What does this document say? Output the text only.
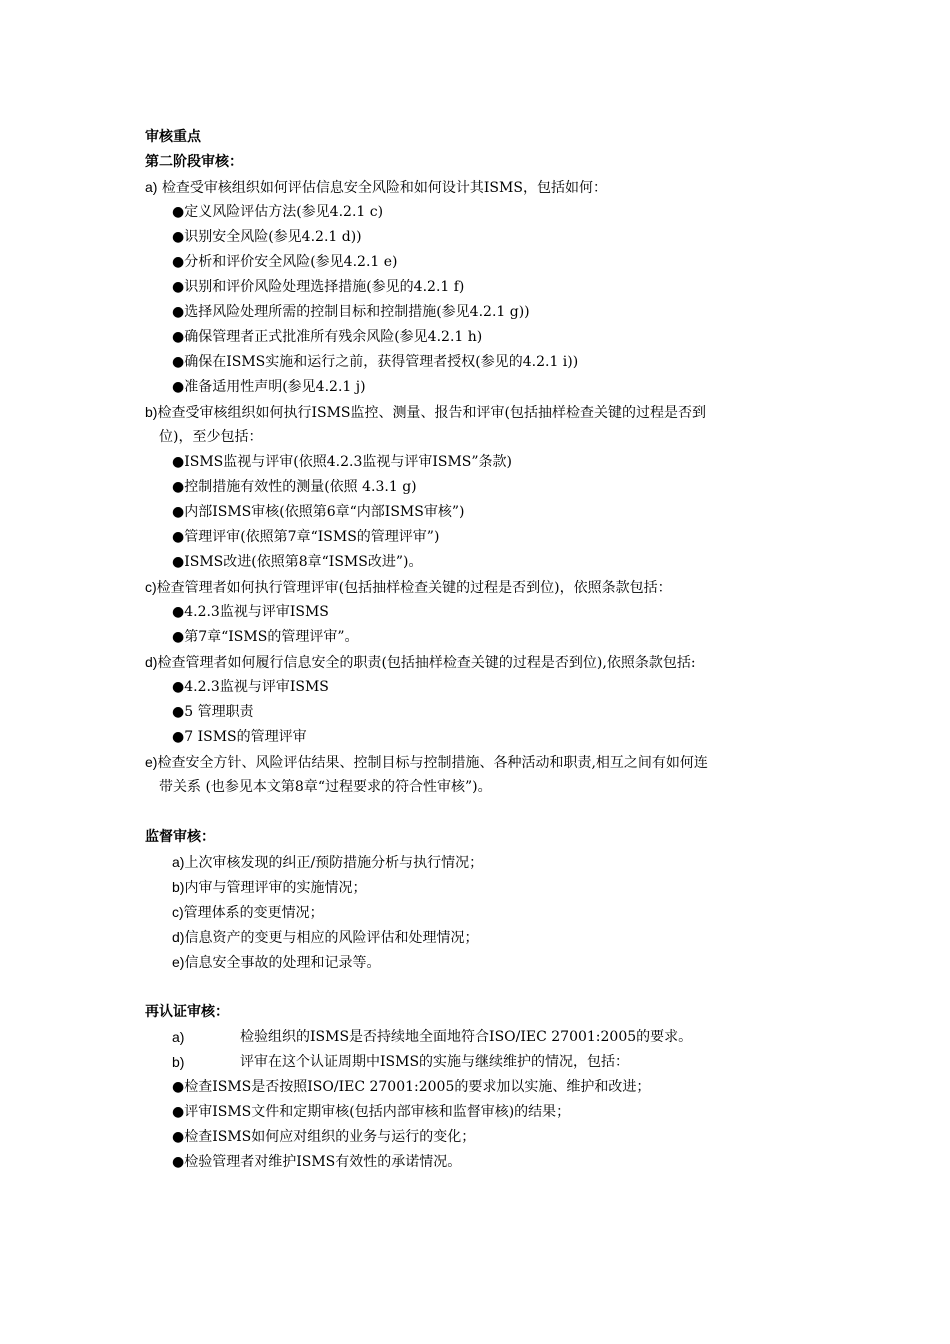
审核重点
第二阶段审核：
a) 检查受审核组织如何评估信息安全风险和如何设计其ISMS，包括如何：
●定义风险评估方法(参见4.2.1 c)
●识别安全风险(参见4.2.1 d))
●分析和评价安全风险(参见4.2.1 e)
●识别和评价风险处理选择措施(参见的4.2.1 f)
●选择风险处理所需的控制目标和控制措施(参见4.2.1 g))
●确保管理者正式批准所有残余风险(参见4.2.1 h)
●确保在ISMS实施和运行之前，获得管理者授权(参见的4.2.1 i))
●准备适用性声明(参见4.2.1 j)
b)检查受审核组织如何执行ISMS监控、测量、报告和评审(包括抽样检查关键的过程是否到
位)，至少包括：
●ISMS监视与评审(依照4.2.3监视与评审ISMS”条款)
●控制措施有效性的测量(依照 4.3.1 g)
●内部ISMS审核(依照第6章“内部ISMS审核”)
●管理评审(依照第7章“ISMS的管理评审”)
●ISMS改进(依照第8章“ISMS改进”)。
c)检查管理者如何执行管理评审(包括抽样检查关键的过程是否到位)，依照条款包括：
●4.2.3监视与评审ISMS
●第7章“ISMS的管理评审”。
d)检查管理者如何履行信息安全的职责(包括抽样检查关键的过程是否到位),依照条款包括:
●4.2.3监视与评审ISMS
●5 管理职责
●7 ISMS的管理评审
e)检查安全方针、风险评估结果、控制目标与控制措施、各种活动和职责,相互之间有如何连
带关系 (也参见本文第8章“过程要求的符合性审核”)。
监督审核：
a)上次审核发现的纠正/预防措施分析与执行情况；
b)内审与管理评审的实施情况；
c)管理体系的变更情况；
d)信息资产的变更与相应的风险评估和处理情况；
e)信息安全事故的处理和记录等。
再认证审核：
a)	检验组织的ISMS是否持续地全面地符合ISO/IEC 27001:2005的要求。
b)	评审在这个认证周期中ISMS的实施与继续维护的情况，包括：
●检查ISMS是否按照ISO/IEC 27001:2005的要求加以实施、维护和改进；
●评审ISMS文件和定期审核(包括内部审核和监督审核)的结果；
●检查ISMS如何应对组织的业务与运行的变化；
●检验管理者对维护ISMS有效性的承诺情况。
